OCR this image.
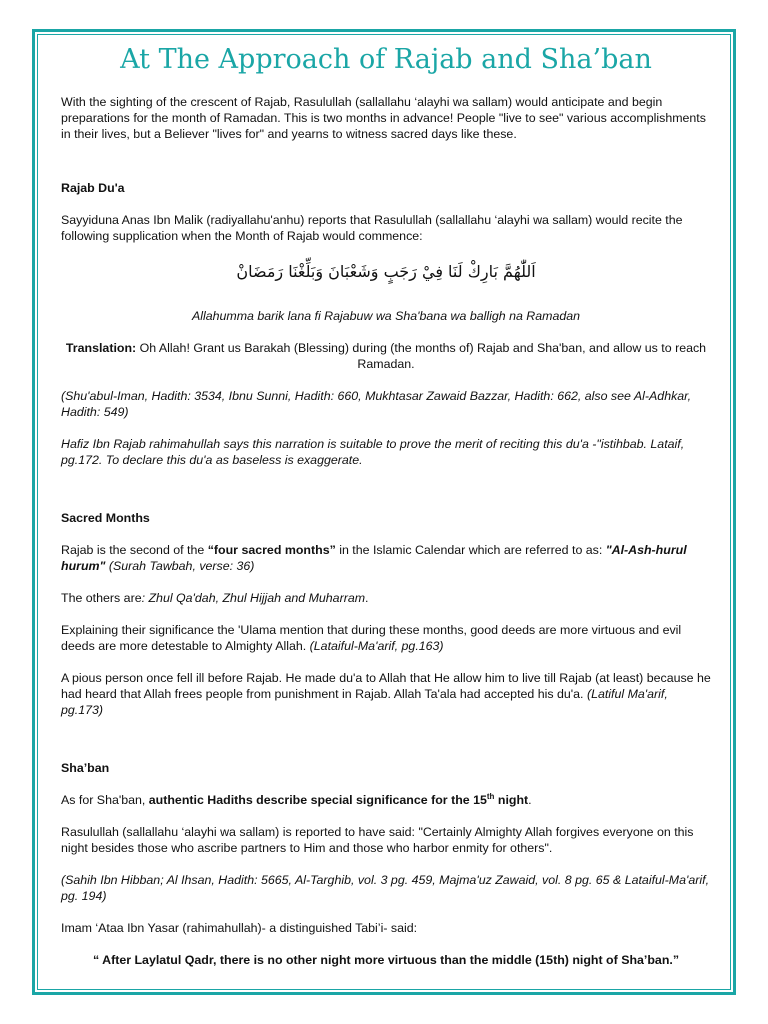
At The Approach of Rajab and Sha’ban

With the sighting of the crescent of Rajab, Rasulullah (sallallahu ‘alayhi wa sallam) would anticipate and begin preparations for the month of Ramadan. This is two months in advance! People "live to see" various accomplishments in their lives, but a Believer "lives for" and yearns to witness sacred days like these.

Rajab Du'a

Sayyiduna Anas Ibn Malik (radiyallahu'anhu) reports that Rasulullah (sallallahu ‘alayhi wa sallam) would recite the following supplication when the Month of Rajab would commence:

اَللّٰهُمَّ بَارِكْ لَنَا فِيْ رَجَبٍ وَشَعْبَانَ وَبَلِّغْنَا رَمَضَانْ

Allahumma barik lana fi Rajabuw wa Sha'bana wa balligh na Ramadan

Translation: Oh Allah! Grant us Barakah (Blessing) during (the months of) Rajab and Sha'ban, and allow us to reach Ramadan.

(Shu'abul-Iman, Hadith: 3534, Ibnu Sunni, Hadith: 660, Mukhtasar Zawaid Bazzar, Hadith: 662, also see Al-Adhkar, Hadith: 549)

Hafiz Ibn Rajab rahimahullah says this narration is suitable to prove the merit of reciting this du'a -"istihbab. Lataif, pg.172. To declare this du'a as baseless is exaggerate.

Sacred Months

Rajab is the second of the “four sacred months” in the Islamic Calendar which are referred to as: "Al-Ash-hurul hurum" (Surah Tawbah, verse: 36)

The others are: Zhul Qa'dah, Zhul Hijjah and Muharram.

Explaining their significance the 'Ulama mention that during these months, good deeds are more virtuous and evil deeds are more detestable to Almighty Allah. (Lataiful-Ma'arif, pg.163)

A pious person once fell ill before Rajab. He made du'a to Allah that He allow him to live till Rajab (at least) because he had heard that Allah frees people from punishment in Rajab. Allah Ta'ala had accepted his du'a. (Latiful Ma'arif, pg.173)

Sha’ban

As for Sha'ban, authentic Hadiths describe special significance for the 15th night.

Rasulullah (sallallahu ‘alayhi wa sallam) is reported to have said: "Certainly Almighty Allah forgives everyone on this night besides those who ascribe partners to Him and those who harbor enmity for others".

(Sahih Ibn Hibban; Al Ihsan, Hadith: 5665, Al-Targhib, vol. 3 pg. 459, Majma'uz Zawaid, vol. 8 pg. 65 & Lataiful-Ma'arif, pg. 194)

Imam ‘Ataa Ibn Yasar (rahimahullah)- a distinguished Tabi’i- said:

“ After Laylatul Qadr, there is no other night more virtuous than the middle (15th) night of Sha’ban.”
